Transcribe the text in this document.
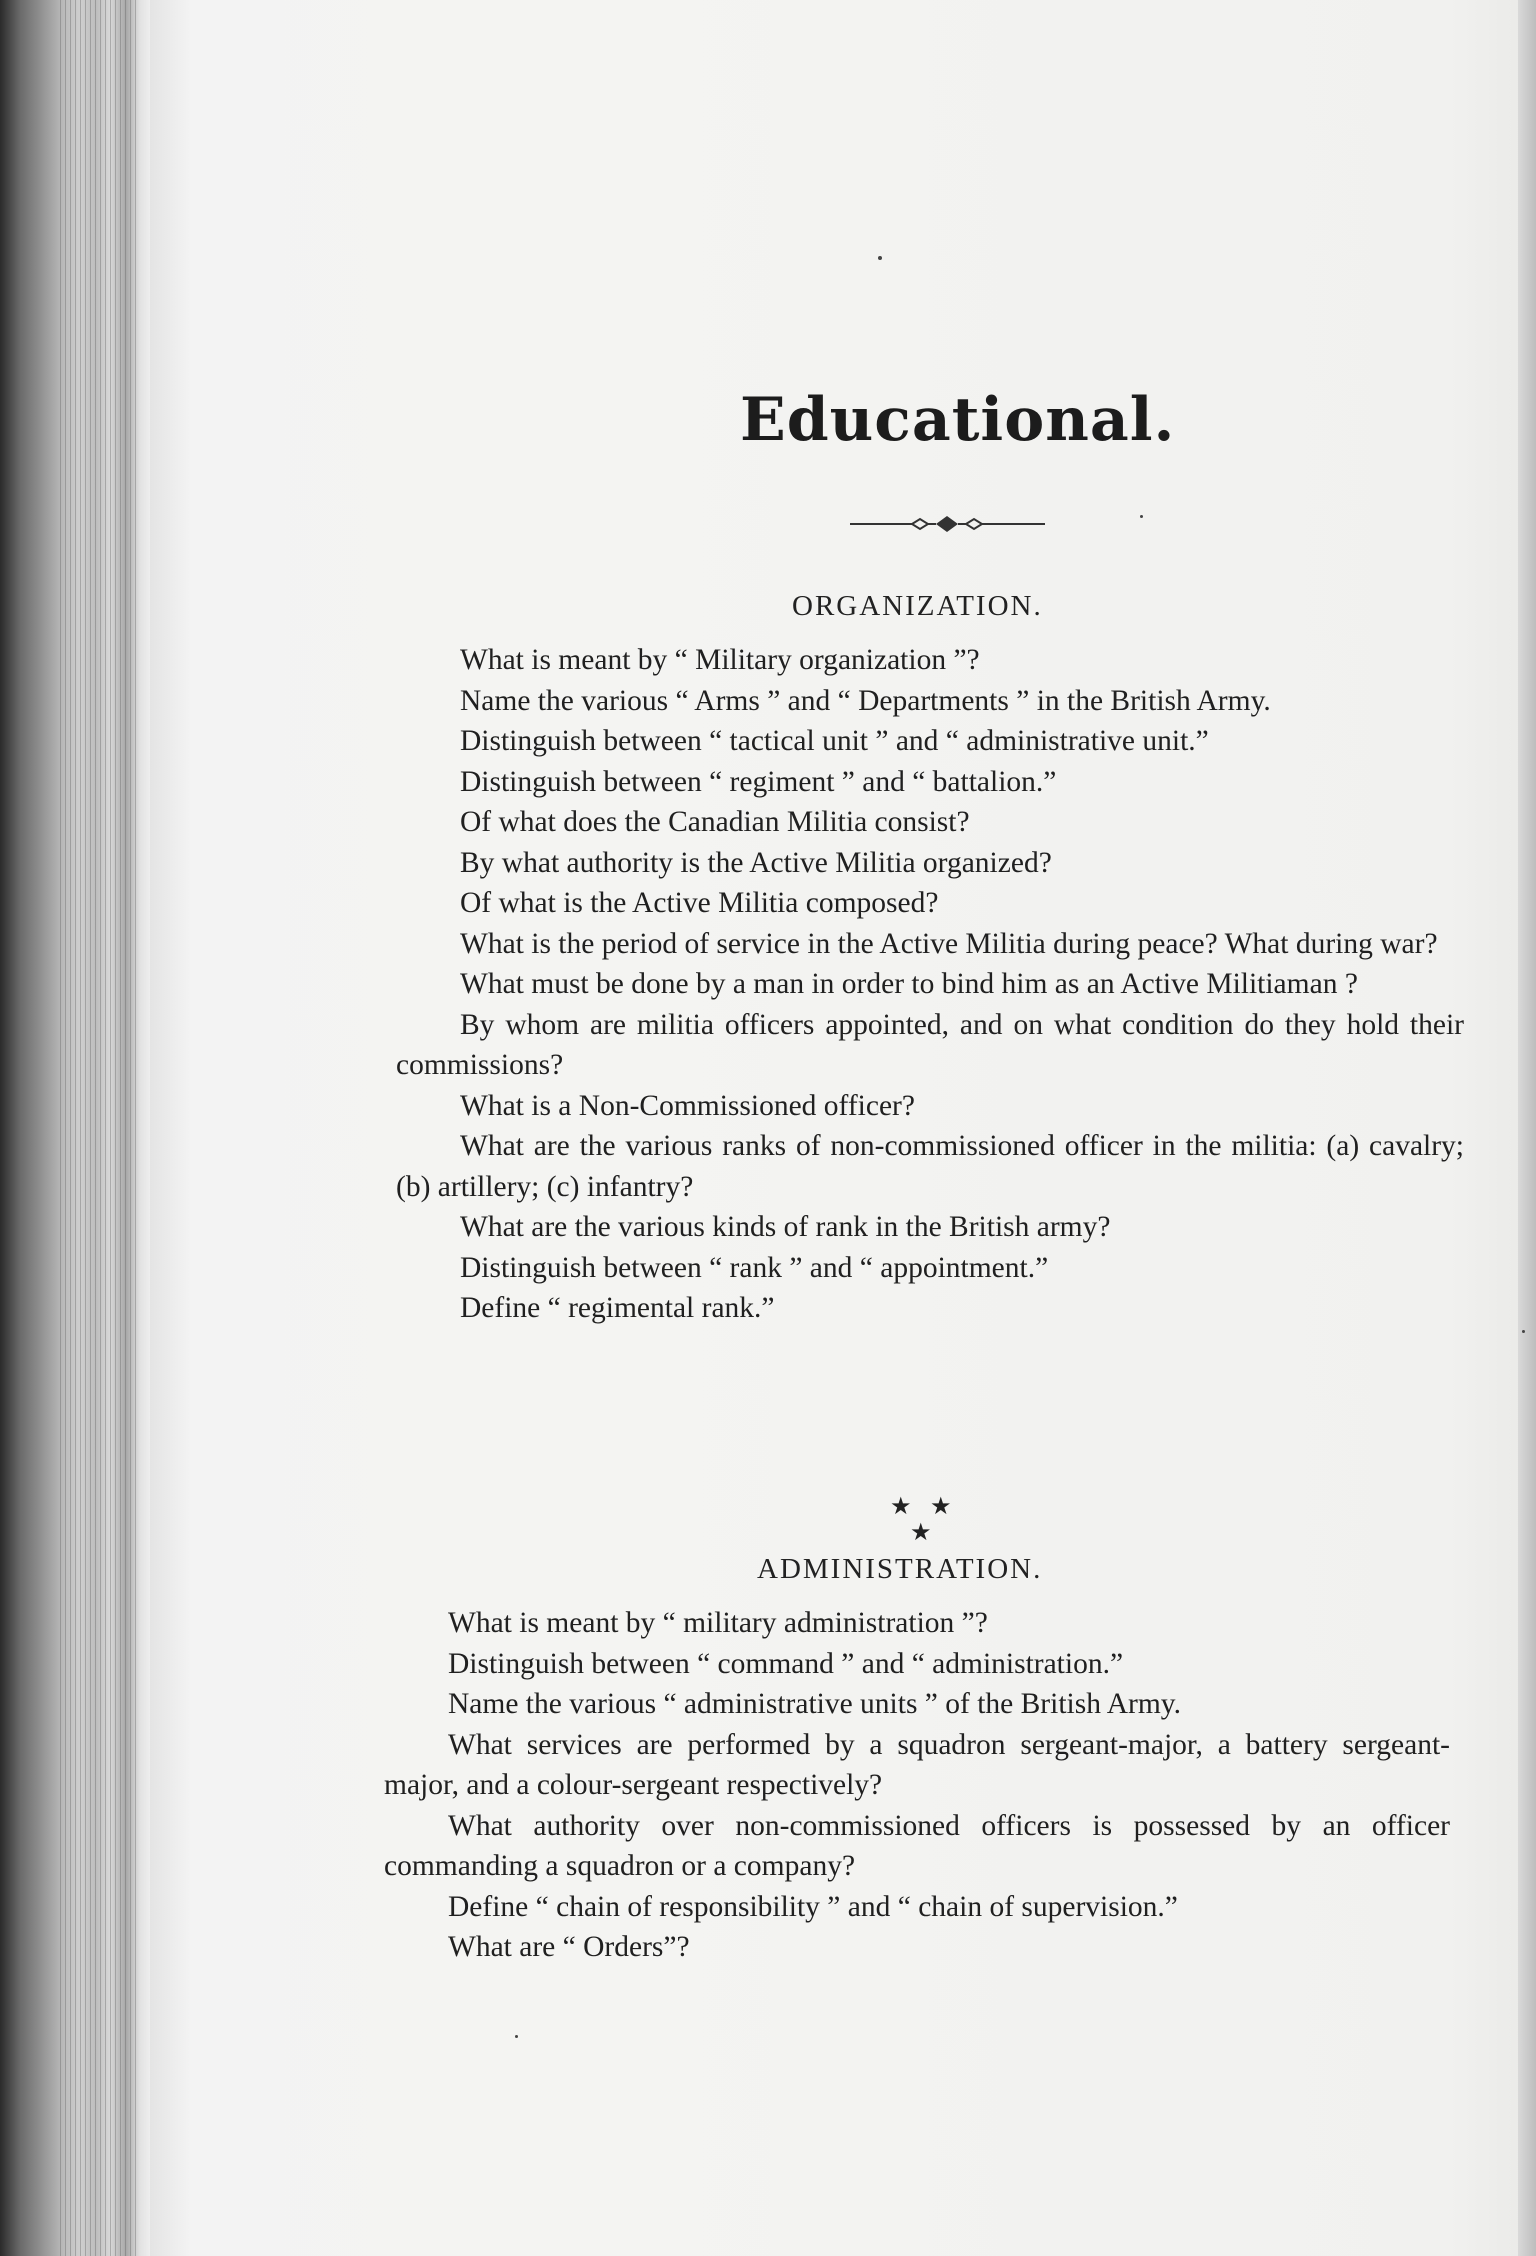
Educational.
ORGANIZATION.
What is meant by “ Military organization ”?
Name the various “ Arms ” and “ Departments ” in the British Army.
Distinguish between “ tactical unit ” and “ administrative unit.”
Distinguish between “ regiment ” and “ battalion.”
Of what does the Canadian Militia consist?
By what authority is the Active Militia organized?
Of what is the Active Militia composed?
What is the period of service in the Active Militia during peace? What during war?
What must be done by a man in order to bind him as an Active Militiaman ?
By whom are militia officers appointed, and on what condition do they hold their commissions?
What is a Non-Commissioned officer?
What are the various ranks of non-commissioned officer in the militia: (a) cavalry; (b) artillery; (c) infantry?
What are the various kinds of rank in the British army?
Distinguish between “ rank ” and “ appointment.”
Define “ regimental rank.”
★ ★
★
ADMINISTRATION.
What is meant by “ military administration ”?
Distinguish between “ command ” and “ administration.”
Name the various “ administrative units ” of the British Army.
What services are performed by a squadron sergeant-major, a battery sergeant-major, and a colour-sergeant respectively?
What authority over non-commissioned officers is possessed by an officer commanding a squadron or a company?
Define “ chain of responsibility ” and “ chain of supervision.”
What are “ Orders”?
